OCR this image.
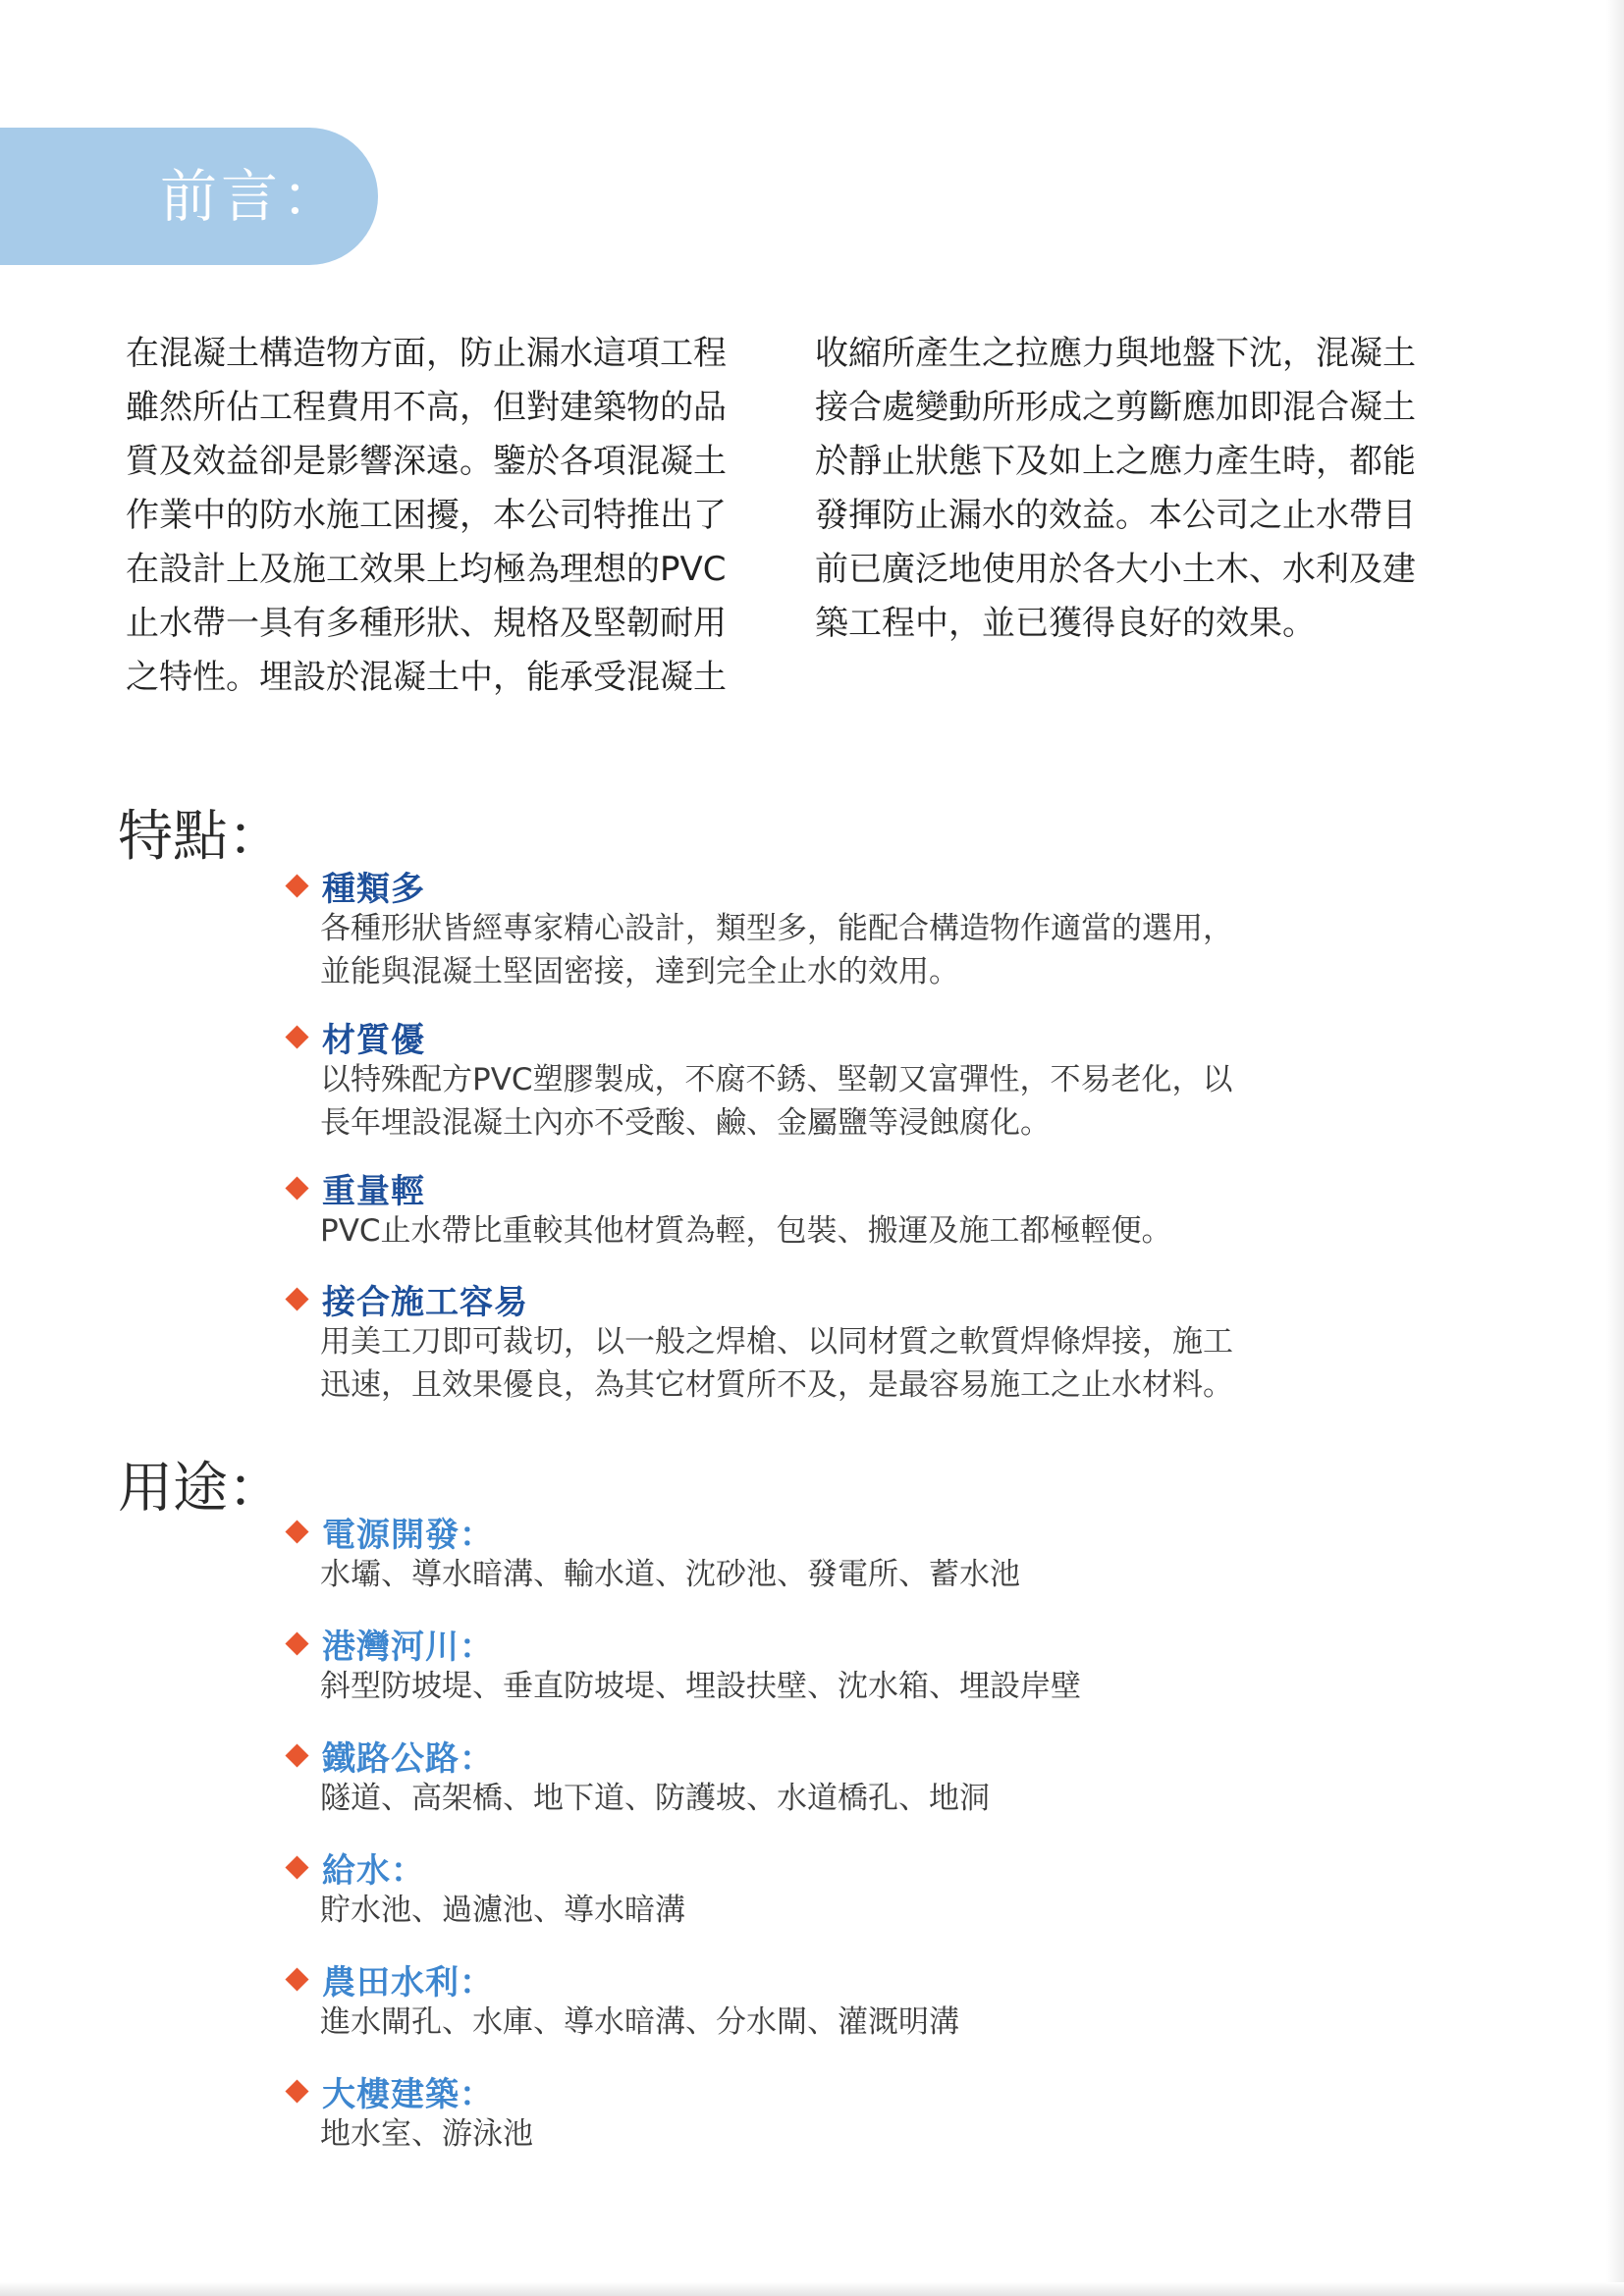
前言：
在混凝土構造物方面，防止漏水這項工程
雖然所佔工程費用不高，但對建築物的品
質及效益卻是影響深遠。鑒於各項混凝土
作業中的防水施工困擾，本公司特推出了
在設計上及施工效果上均極為理想的PVC
止水帶一具有多種形狀、規格及堅韌耐用
之特性。埋設於混凝土中，能承受混凝土
收縮所產生之拉應力與地盤下沈，混凝土
接合處變動所形成之剪斷應加即混合凝土
於靜止狀態下及如上之應力產生時，都能
發揮防止漏水的效益。本公司之止水帶目
前已廣泛地使用於各大小土木、水利及建
築工程中，並已獲得良好的效果。
特點：
種類多
各種形狀皆經專家精心設計，類型多，能配合構造物作適當的選用，
並能與混凝土堅固密接，達到完全止水的效用。
材質優
以特殊配方PVC塑膠製成，不腐不銹、堅韌又富彈性，不易老化，以
長年埋設混凝土內亦不受酸、鹼、金屬鹽等浸蝕腐化。
重量輕
PVC止水帶比重較其他材質為輕，包裝、搬運及施工都極輕便。
接合施工容易
用美工刀即可裁切，以一般之焊槍、以同材質之軟質焊條焊接，施工
迅速，且效果優良，為其它材質所不及，是最容易施工之止水材料。
用途：
電源開發：
水壩、導水暗溝、輸水道、沈砂池、發電所、蓄水池
港灣河川：
斜型防坡堤、垂直防坡堤、埋設扶壁、沈水箱、埋設岸壁
鐵路公路：
隧道、高架橋、地下道、防護坡、水道橋孔、地洞
給水：
貯水池、過濾池、導水暗溝
農田水利：
進水閘孔、水庫、導水暗溝、分水閘、灌溉明溝
大樓建築：
地水室、游泳池
